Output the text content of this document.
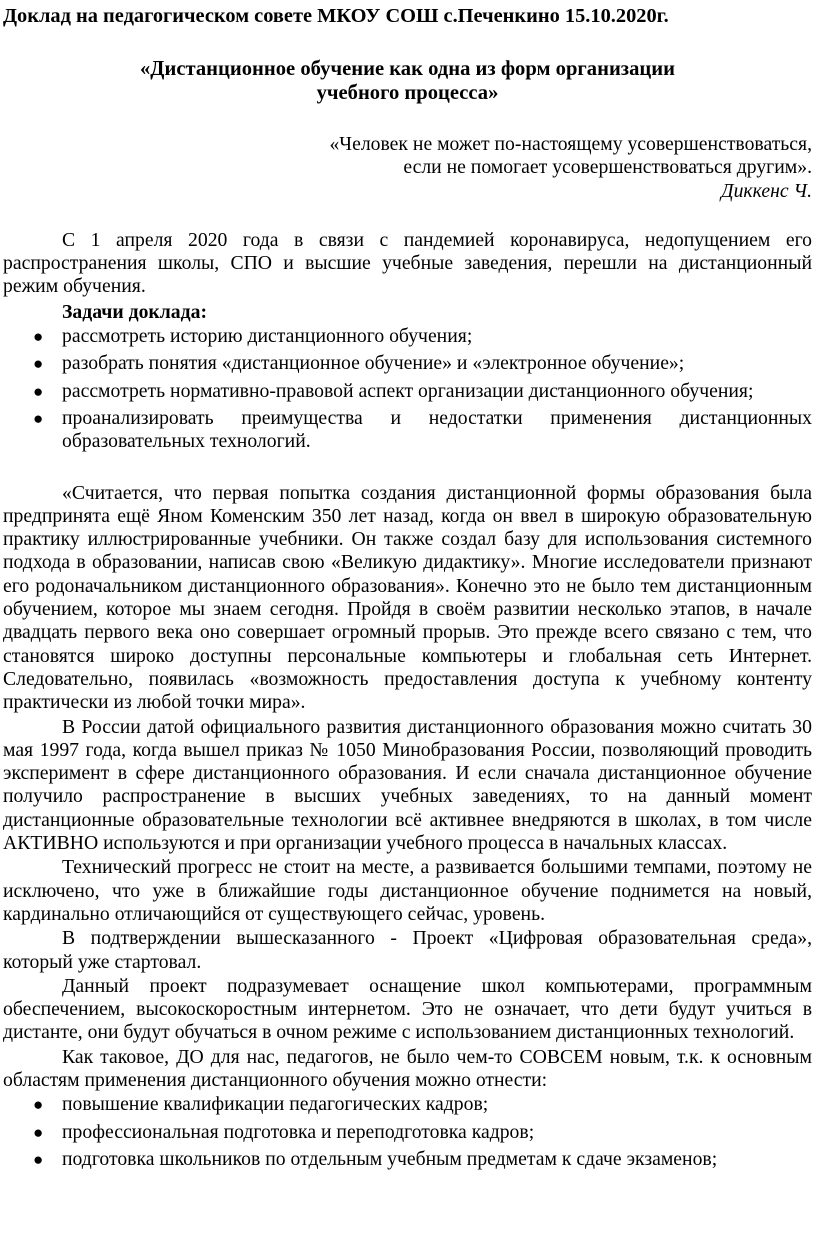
Доклад на педагогическом совете МКОУ СОШ с.Печенкино 15.10.2020г.

«Дистанционное обучение как одна из форм организации
учебного процесса»
«Человек не может по-настоящему усовершенствоваться,
если не помогает усовершенствоваться другим».
Диккенс Ч.

С 1 апреля 2020 года в связи с пандемией коронавируса, недопущением его распространения школы, СПО и высшие учебные заведения, перешли на дистанционный режим обучения.

Задачи доклада:

● рассмотреть историю дистанционного обучения;
● разобрать понятия «дистанционное обучение» и «электронное обучение»;
● рассмотреть нормативно-правовой аспект организации дистанционного обучения;
● проанализировать преимущества и недостатки применения дистанционных образовательных технологий.

«Считается, что первая попытка создания дистанционной формы образования была предпринята ещё Яном Коменским 350 лет назад, когда он ввел в широкую образовательную практику иллюстрированные учебники. Он также создал базу для использования системного подхода в образовании, написав свою «Великую дидактику». Многие исследователи признают его родоначальником дистанционного образования». Конечно это не было тем дистанционным обучением, которое мы знаем сегодня. Пройдя в своём развитии несколько этапов, в начале двадцать первого века оно совершает огромный прорыв. Это прежде всего связано с тем, что становятся широко доступны персональные компьютеры и глобальная сеть Интернет. Следовательно, появилась «возможность предоставления доступа к учебному контенту практически из любой точки мира».

В России датой официального развития дистанционного образования можно считать 30 мая 1997 года, когда вышел приказ № 1050 Минобразования России, позволяющий проводить эксперимент в сфере дистанционного образования. И если сначала дистанционное обучение получило распространение в высших учебных заведениях, то на данный момент дистанционные образовательные технологии всё активнее внедряются в школах, в том числе АКТИВНО используются и при организации учебного процесса в начальных классах.

Технический прогресс не стоит на месте, а развивается большими темпами, поэтому не исключено, что уже в ближайшие годы дистанционное обучение поднимется на новый, кардинально отличающийся от существующего сейчас, уровень.

В подтверждении вышесказанного - Проект «Цифровая образовательная среда», который уже стартовал.

Данный проект подразумевает оснащение школ компьютерами, программным обеспечением, высокоскоростным интернетом. Это не означает, что дети будут учиться в дистанте, они будут обучаться в очном режиме с использованием дистанционных технологий.

Как таковое, ДО для нас, педагогов, не было чем-то СОВСЕМ новым, т.к. к основным областям применения дистанционного обучения можно отнести:

● повышение квалификации педагогических кадров;
● профессиональная подготовка и переподготовка кадров;
● подготовка школьников по отдельным учебным предметам к сдаче экзаменов;
